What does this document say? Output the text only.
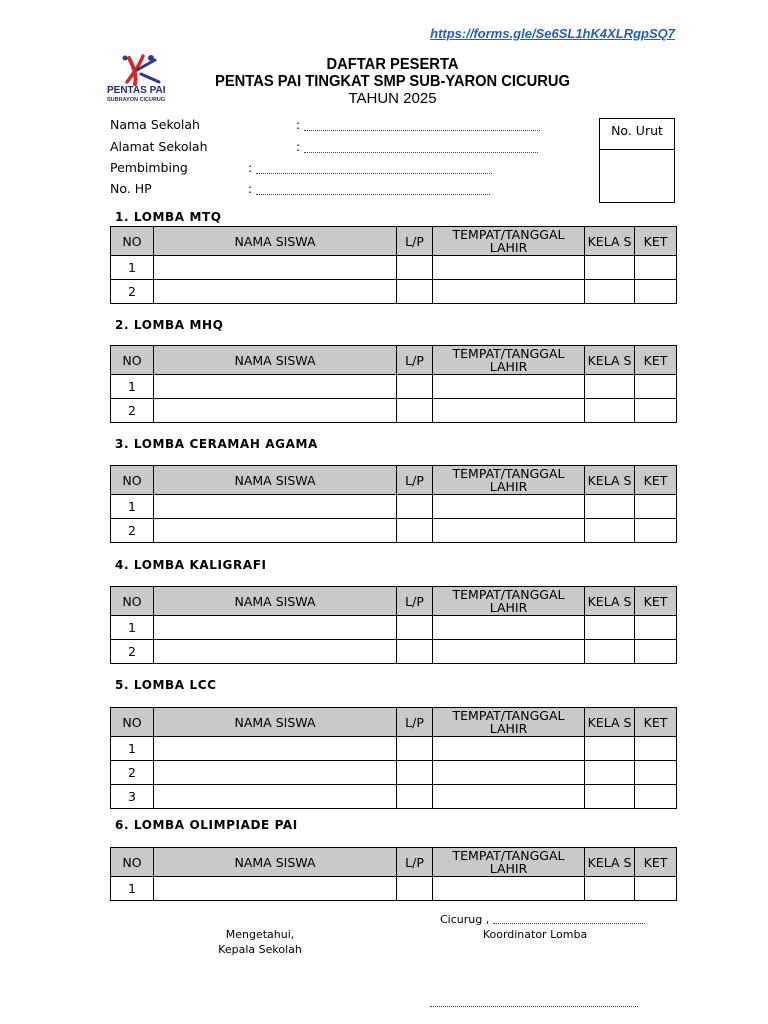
https://forms.gle/Se6SL1hK4XLRgpSQ7
PENTAS PAI
SUBRAYON CICURUG
DAFTAR PESERTA
PENTAS PAI TINGKAT SMP SUB-YARON CICURUG
TAHUN 2025
Nama Sekolah	:
Alamat Sekolah	:
Pembimbing	:
No. HP	:
No. Urut
1. LOMBA MTQ
NO	NAMA SISWA	L/P	TEMPAT/TANGGAL LAHIR	KELA S	KET
1					
2					
2. LOMBA MHQ
NO	NAMA SISWA	L/P	TEMPAT/TANGGAL LAHIR	KELA S	KET
1					
2					
3. LOMBA CERAMAH AGAMA
NO	NAMA SISWA	L/P	TEMPAT/TANGGAL LAHIR	KELA S	KET
1					
2					
4. LOMBA KALIGRAFI
NO	NAMA SISWA	L/P	TEMPAT/TANGGAL LAHIR	KELA S	KET
1					
2					
5. LOMBA LCC
NO	NAMA SISWA	L/P	TEMPAT/TANGGAL LAHIR	KELA S	KET
1					
2					
3					
6. LOMBA OLIMPIADE PAI
NO	NAMA SISWA	L/P	TEMPAT/TANGGAL LAHIR	KELA S	KET
1					
Cicurug ,
Mengetahui,
Kepala Sekolah
Koordinator Lomba
